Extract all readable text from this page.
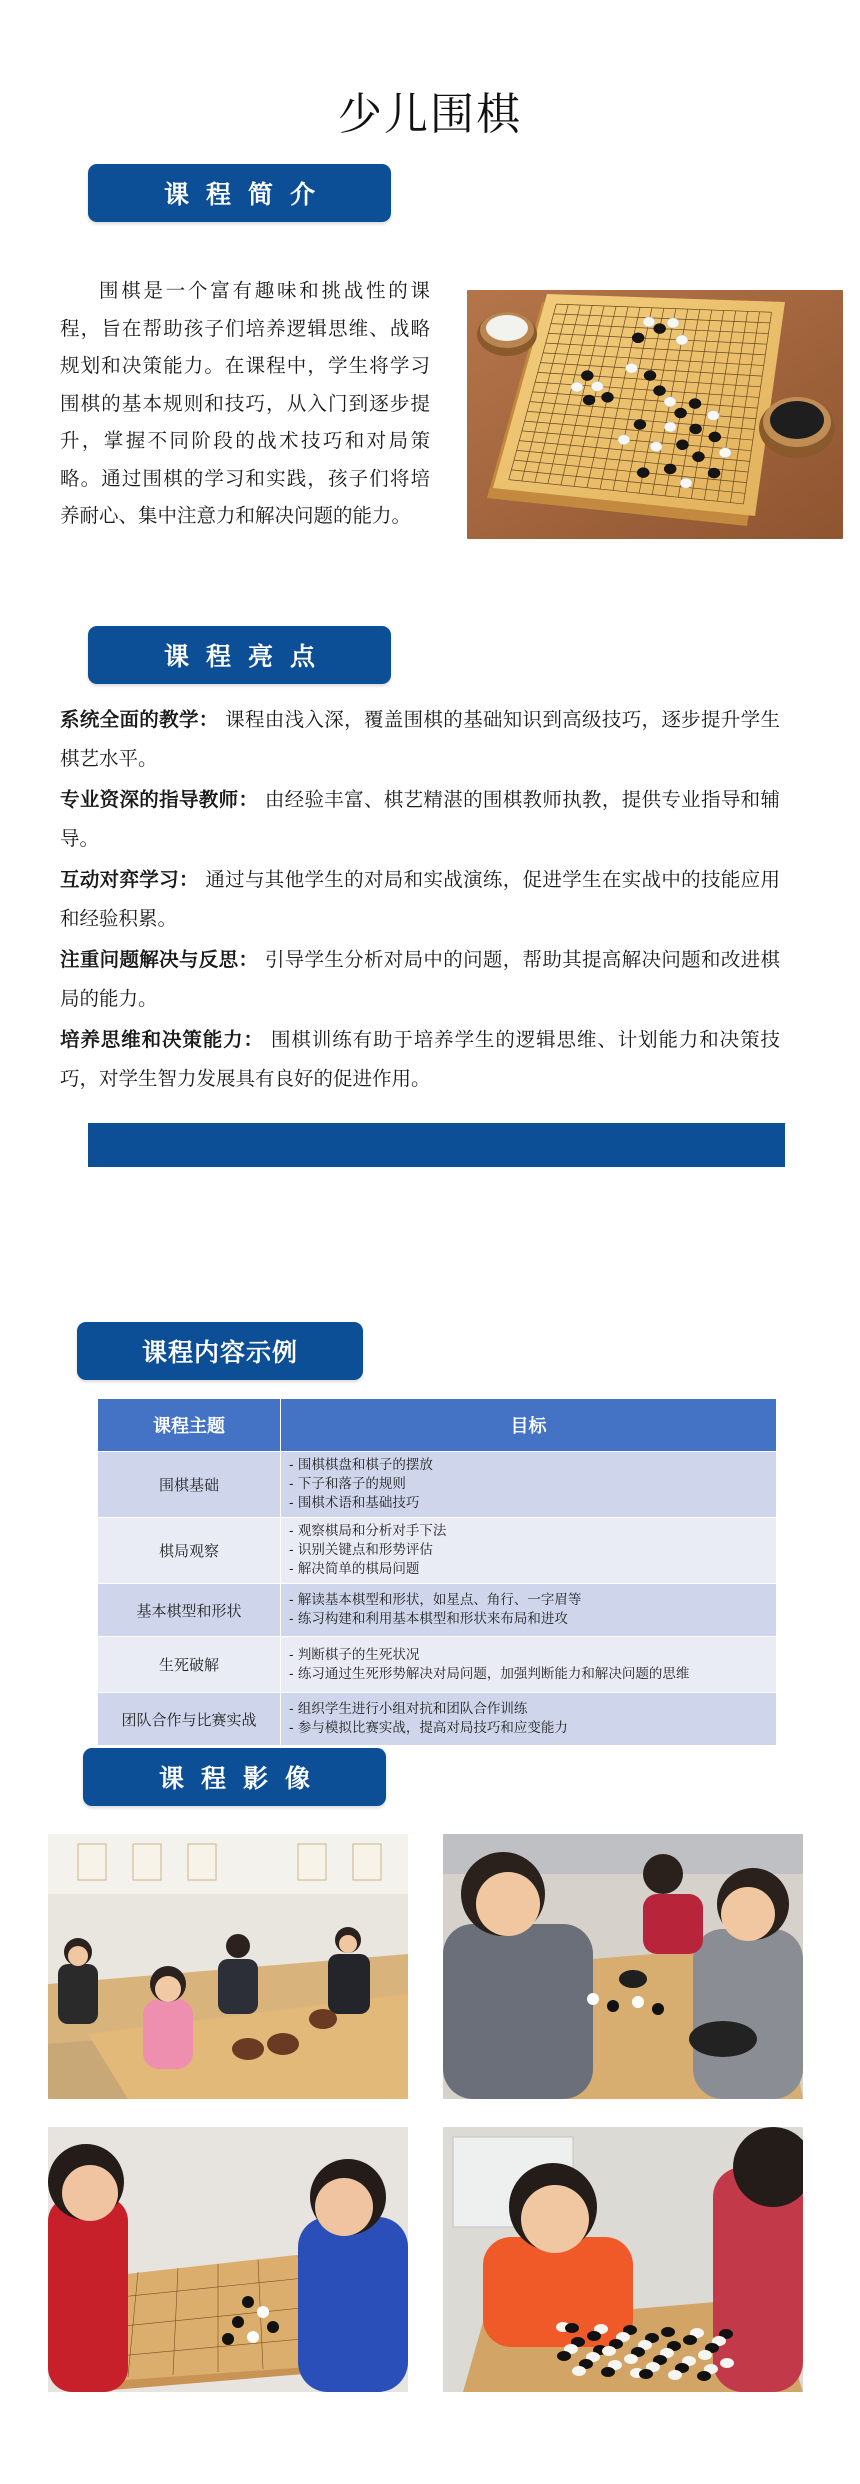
少儿围棋
课程简介

围棋是一个富有趣味和挑战性的课程，旨在帮助孩子们培养逻辑思维、战略规划和决策能力。在课程中，学生将学习围棋的基本规则和技巧，从入门到逐步提升，掌握不同阶段的战术技巧和对局策略。通过围棋的学习和实践，孩子们将培养耐心、集中注意力和解决问题的能力。

课程亮点
系统全面的教学： 课程由浅入深，覆盖围棋的基础知识到高级技巧，逐步提升学生棋艺水平。
专业资深的指导教师： 由经验丰富、棋艺精湛的围棋教师执教，提供专业指导和辅导。
互动对弈学习： 通过与其他学生的对局和实战演练，促进学生在实战中的技能应用和经验积累。
注重问题解决与反思： 引导学生分析对局中的问题，帮助其提高解决问题和改进棋局的能力。
培养思维和决策能力： 围棋训练有助于培养学生的逻辑思维、计划能力和决策技巧，对学生智力发展具有良好的促进作用。
课程内容示例
课程主题	目标
围棋基础	- 围棋棋盘和棋子的摆放
- 下子和落子的规则
- 围棋术语和基础技巧

棋局观察	- 观察棋局和分析对手下法
- 识别关键点和形势评估
- 解决简单的棋局问题

基本棋型和形状	- 解读基本棋型和形状，如星点、角行、一字眉等
- 练习构建和利用基本棋型和形状来布局和进攻

生死破解	- 判断棋子的生死状况
- 练习通过生死形势解决对局问题，加强判断能力和解决问题的思维

团队合作与比赛实战	- 组织学生进行小组对抗和团队合作训练
- 参与模拟比赛实战，提高对局技巧和应变能力
课程影像
